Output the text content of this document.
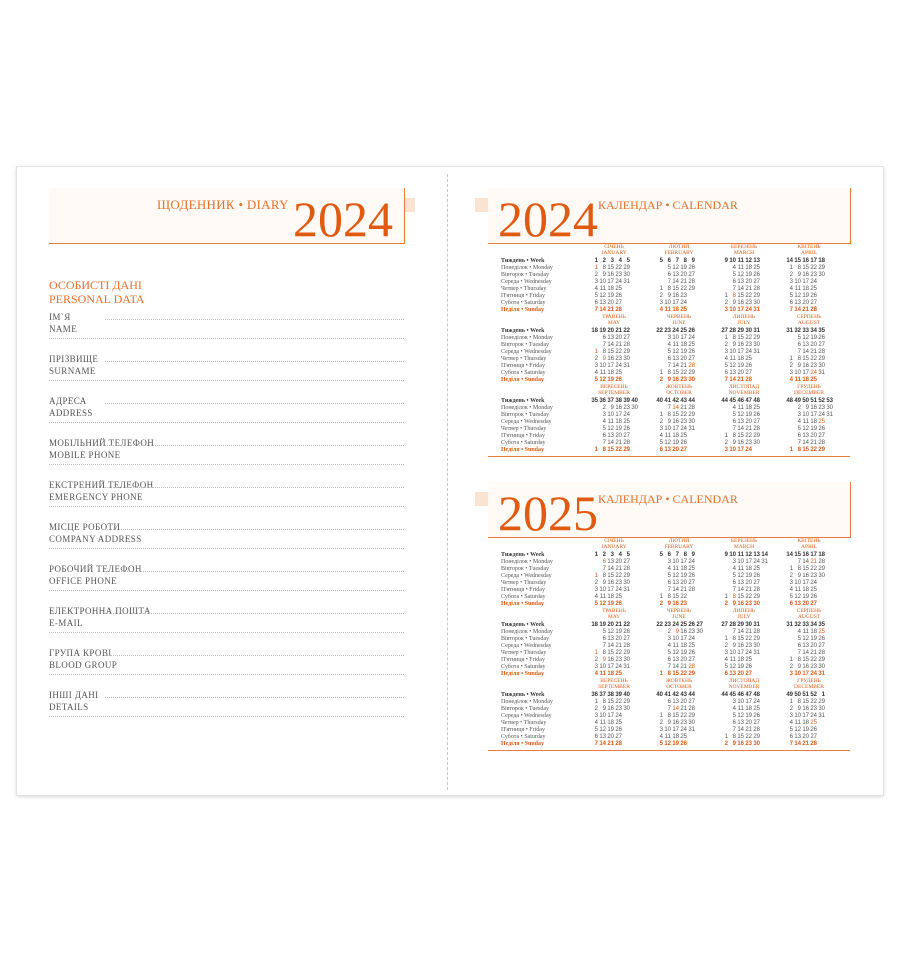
ЩОДЕННИК • DIARY 2024
ОСОБИСТІ ДАНІ
PERSONAL DATA
ІМ`Я
NAME
ПРІЗВИЩЕ
SURNAME
АДРЕСА
ADDRESS
МОБІЛЬНИЙ ТЕЛЕФОН
MOBILE PHONE
ЕКСТРЕНИЙ ТЕЛЕФОН
EMERGENCY PHONE
МІСЦЕ РОБОТИ
COMPANY ADDRESS
РОБОЧИЙ ТЕЛЕФОН
OFFICE PHONE
ЕЛЕКТРОННА ПОШТА
E-MAIL
ГРУПА КРОВІ
BLOOD GROUP
ІНШІ ДАНІ
DETAILS
2024 КАЛЕНДАР • CALENDAR
Тиждень • Week
Понеділок • Monday
Вівторок • Tuesday
Середа • Wednesday
Четвер • Thursday
П'ятниця • Friday
Субота • Saturday
Неділя • Sunday
СІЧЕНЬ
JANUARY
1 2 3 4 5
1 8152229
2 9162330
310172431
4 111825
5121926
6132027
7142128
ЛЮТИЙ
FEBRUARY
5 6 7 8 9
5121926
6132027
7142128
1 8152229
2 91623
3101724
4 111825
БЕРЕЗЕНЬ
MARCH
910 111213
4 111825
5121926
6132027
7142128
1 8152229
2 9162330
310172431
КВІТЕНЬ
APRIL
1415161718
1 8152229
2 9162330
3101724
4 111825
5121926
6132027
7142128
Тиждень • Week
Понеділок • Monday
Вівторок • Tuesday
Середа • Wednesday
Четвер • Thursday
П'ятниця • Friday
Субота • Saturday
Неділя • Sunday
ТРАВЕНЬ
MAY
1819202122
6132027
7142128
1 8152229
2 9162330
310172431
4 111825
5121926
ЧЕРВЕНЬ
JUNE
2223242526
3101724
4 111825
5121926
6132027
7142128
1 8152229
2 9162330
ЛИПЕНЬ
JULY
2728293031
1 8152229
2 9162330
310172431
4 111825
5121926
6132027
7142128
СЕРПЕНЬ
AUGUST
3132333435
5121926
6132027
7142128
1 8152229
2 9162330
310172431
4 111825
Тиждень • Week
Понеділок • Monday
Вівторок • Tuesday
Середа • Wednesday
Четвер • Thursday
П'ятниця • Friday
Субота • Saturday
Неділя • Sunday
ВЕРЕСЕНЬ
SEPTEMBER
353637383940
2 9162330
3101724
4 111825
5121926
6132027
7142128
1 8152229
ЖОВТЕНЬ
OCTOBER
4041424344
7142128
1 8152229
2 9162330
310172431
4 111825
5121926
6132027
ЛИСТОПАД
NOVEMBER
4445464748
4 111825
5121926
6132027
7142128
1 8152229
2 9162330
3101724
ГРУДЕНЬ
DECEMBER
484950515253
2 9162330
310172431
4 111825
5121926
6132027
7142128
1 8152229
2025 КАЛЕНДАР • CALENDAR
Тиждень • Week
Понеділок • Monday
Вівторок • Tuesday
Середа • Wednesday
Четвер • Thursday
П'ятниця • Friday
Субота • Saturday
Неділя • Sunday
СІЧЕНЬ
JANUARY
1 2 3 4 5
6132027
7142128
1 8152229
2 9162330
310172431
4 111825
5121926
ЛЮТИЙ
FEBRUARY
5 6 7 8 9
3101724
4 111825
5121926
6132027
7142128
1 81522
2 91623
БЕРЕЗЕНЬ
MARCH
910 11121314
310172431
4 111825
5121926
6132027
7142128
1 8152229
2 9162330
КВІТЕНЬ
APRIL
1415161718
7142128
1 8152229
2 9162330
3101724
4 111825
5121926
6132027
Тиждень • Week
Понеділок • Monday
Вівторок • Tuesday
Середа • Wednesday
Четвер • Thursday
П'ятниця • Friday
Субота • Saturday
Неділя • Sunday
ТРАВЕНЬ
MAY
1819202122
5121926
6132027
7142128
1 8152229
2 9162330
310172431
4 111825
ЧЕРВЕНЬ
JUNE
222324252627
2 9162330
3101724
4 111825
5121926
6132027
7142128
1 8152229
ЛИПЕНЬ
JULY
2728293031
7142128
1 8152229
2 9162330
310172431
4 111825
5121926
6132027
СЕРПЕНЬ
AUGUST
3132333435
4 111825
5121926
6132027
7142128
1 8152229
2 9162330
310172431
Тиждень • Week
Понеділок • Monday
Вівторок • Tuesday
Середа • Wednesday
Четвер • Thursday
П'ятниця • Friday
Субота • Saturday
Неділя • Sunday
ВЕРЕСЕНЬ
SEPTEMBER
3637383940
1 8152229
2 9162330
3101724
4 111825
5121926
6132027
7142128
ЖОВТЕНЬ
OCTOBER
4041424344
6132027
7142128
1 8152229
2 9162330
310172431
4 111825
5121926
ЛИСТОПАД
NOVEMBER
4445464748
3101724
4 111825
5121926
6132027
7142128
1 8152229
2 9162330
ГРУДЕНЬ
DECEMBER
49505152 1
1 8152229
2 9162330
310172431
4 111825
5121926
6132027
7142128
